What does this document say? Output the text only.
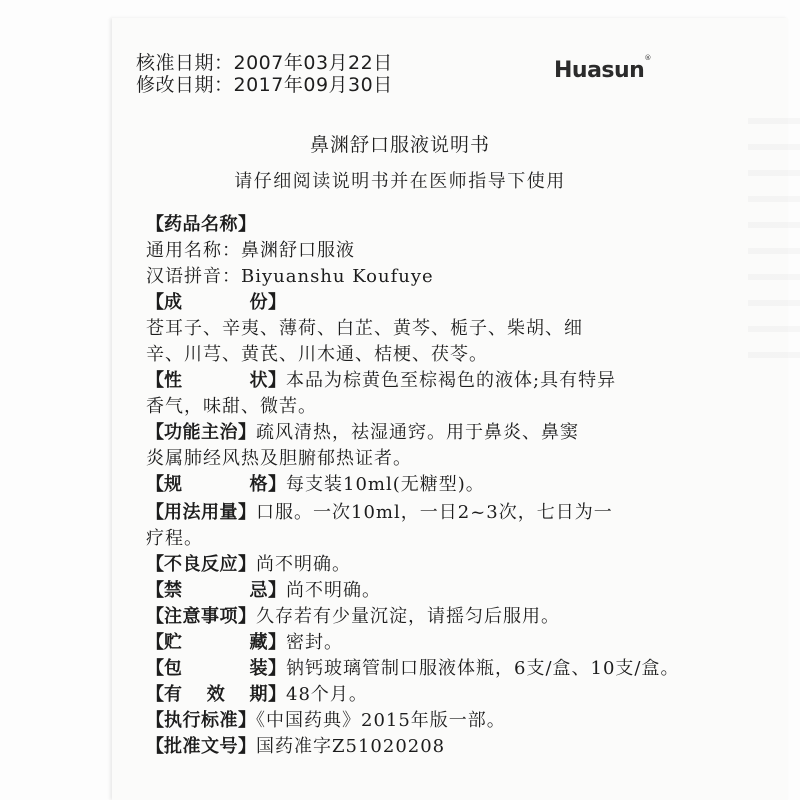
核准日期：2007年03月22日
修改日期：2017年09月30日
Huasun®
鼻渊舒口服液说明书
请仔细阅读说明书并在医师指导下使用
【药品名称】
通用名称：鼻渊舒口服液
汉语拼音：Biyuanshu Koufuye
【 成	份 】
苍耳子、辛夷、薄荷、白芷、黄芩、栀子、柴胡、细
辛、川芎、黄芪、川木通、桔梗、茯苓。
【 性	状 】本品为棕黄色至棕褐色的液体;具有特异
香气，味甜、微苦。
【功能主治】疏风清热，祛湿通窍。用于鼻炎、鼻窦
炎属肺经风热及胆腑郁热证者。
【 规	格 】每支装10ml(无糖型)。
【用法用量】口服。一次10ml，一日2~3次，七日为一
疗程。
【不良反应】尚不明确。
【 禁	忌 】尚不明确。
【注意事项】久存若有少量沉淀，请摇匀后服用。
【 贮	藏 】密封。
【 包	装 】钠钙玻璃管制口服液体瓶，6支/盒、10支/盒。
【 有 效 期 】48个月。
【执行标准】《中国药典》2015年版一部。
【批准文号】国药准字Z51020208
